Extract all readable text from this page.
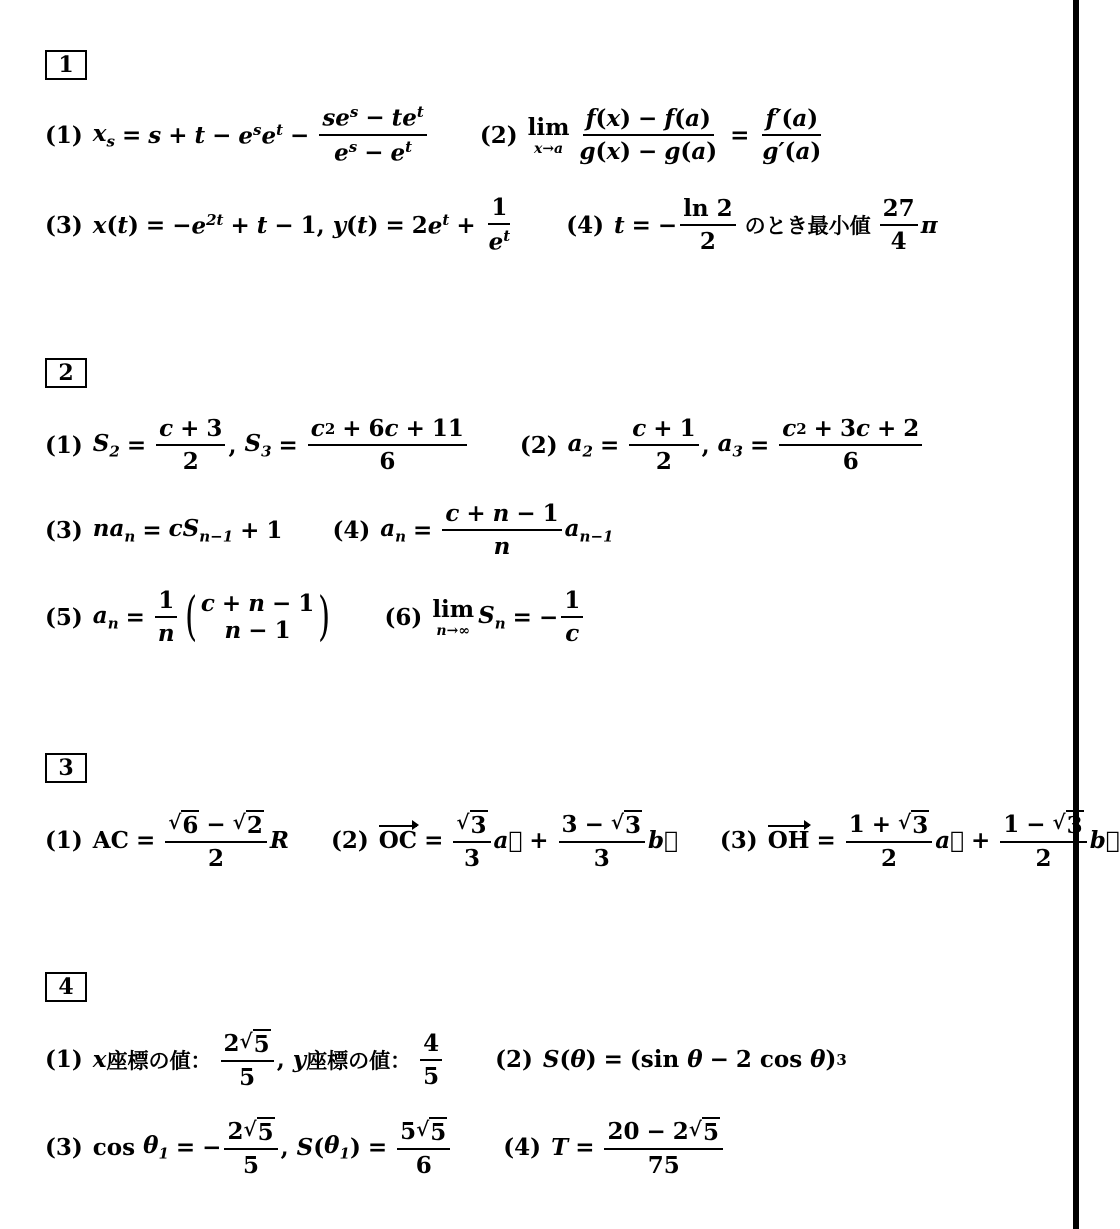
1
(1) $x_s = s + t - e^se^t - \frac{se^s - te^t}{e^s - e^t} (2)$ lim
$x\to a \frac{f ( x ) - f ( a )}{g ( x ) - g ( a )} = \frac{f' ( a )}{g' ( a )}$
(3) x ( t ) = − $e^{2t} + t - 1$, y ( t ) = 2 $e^t + \frac{1}{e^t} (4) t$ = − $\frac{\ln 2}{2}$ のとき最小値 $\frac{27}{4}$ π
2
(1) $S_2 = \frac{c + 3}{2}$ , $S_3 = \frac{c 2 + 6 c + 11}{6} (2) a_2 = \frac{c + 1}{2}$ , $a_3 = \frac{c 2 + 3 c + 2}{6}$
(3) $na_n = cS_{n-1} + 1$ (4) $a_n = \frac{c + n - 1}{n} a_{n-1}$
(5) $a_n = \frac{1}{n}$ ( c + n − 1
n − 1 ) (6) lim
n→∞
$S_n$ = − $\frac{1}{c}$
3
(1) AC = $\frac{√ 6 - √ 2}{2}$ R (2) OC = $\frac{√ 3}{3}$ a⃗ + $\frac{3 - √ 3}{3}$ b⃗ (3) OH = $\frac{1 + √ 3}{2}$ a⃗ + $\frac{1 - √ 3}{2}$ b⃗
4
(1) x 座標の値： $\frac{2 √ 5}{5}$ , y 座標の値： $\frac{4}{5} (2)$ S ( θ ) = (sin θ − 2 cos θ ) 3
(3) $\cos \theta_1$ = − $\frac{2 √ 5}{5}$ , S ( $\theta_1$ ) = $\frac{5 √ 5}{6} (4) T = \frac{20 - 2 √ 5}{75}$
